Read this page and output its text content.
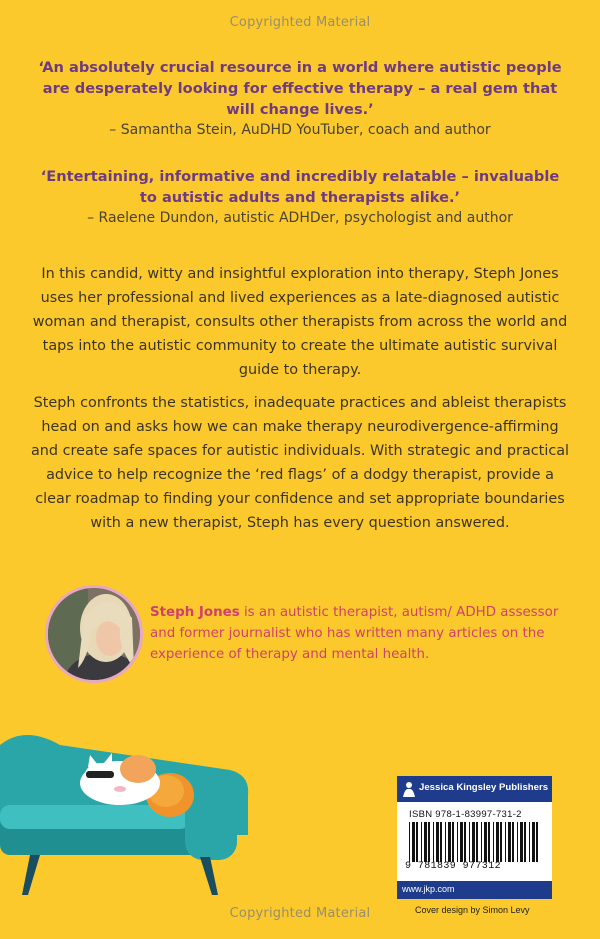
Copyrighted Material
‘An absolutely crucial resource in a world where autistic people are desperately looking for effective therapy – a real gem that will change lives.’
– Samantha Stein, AuDHD YouTuber, coach and author
‘Entertaining, informative and incredibly relatable – invaluable to autistic adults and therapists alike.’
– Raelene Dundon, autistic ADHDer, psychologist and author
In this candid, witty and insightful exploration into therapy, Steph Jones uses her professional and lived experiences as a late-diagnosed autistic woman and therapist, consults other therapists from across the world and taps into the autistic community to create the ultimate autistic survival guide to therapy.
Steph confronts the statistics, inadequate practices and ableist therapists head on and asks how we can make therapy neurodivergence-affirming and create safe spaces for autistic individuals. With strategic and practical advice to help recognize the ‘red flags’ of a dodgy therapist, provide a clear roadmap to finding your confidence and set appropriate boundaries with a new therapist, Steph has every question answered.
Steph Jones is an autistic therapist, autism/ ADHD assessor and former journalist who has written many articles on the experience of therapy and mental health.
Jessica Kingsley Publishers
ISBN 978-1-83997-731-2
9 781839 977312
www.jkp.com
Cover design by Simon Levy
Copyrighted Material
